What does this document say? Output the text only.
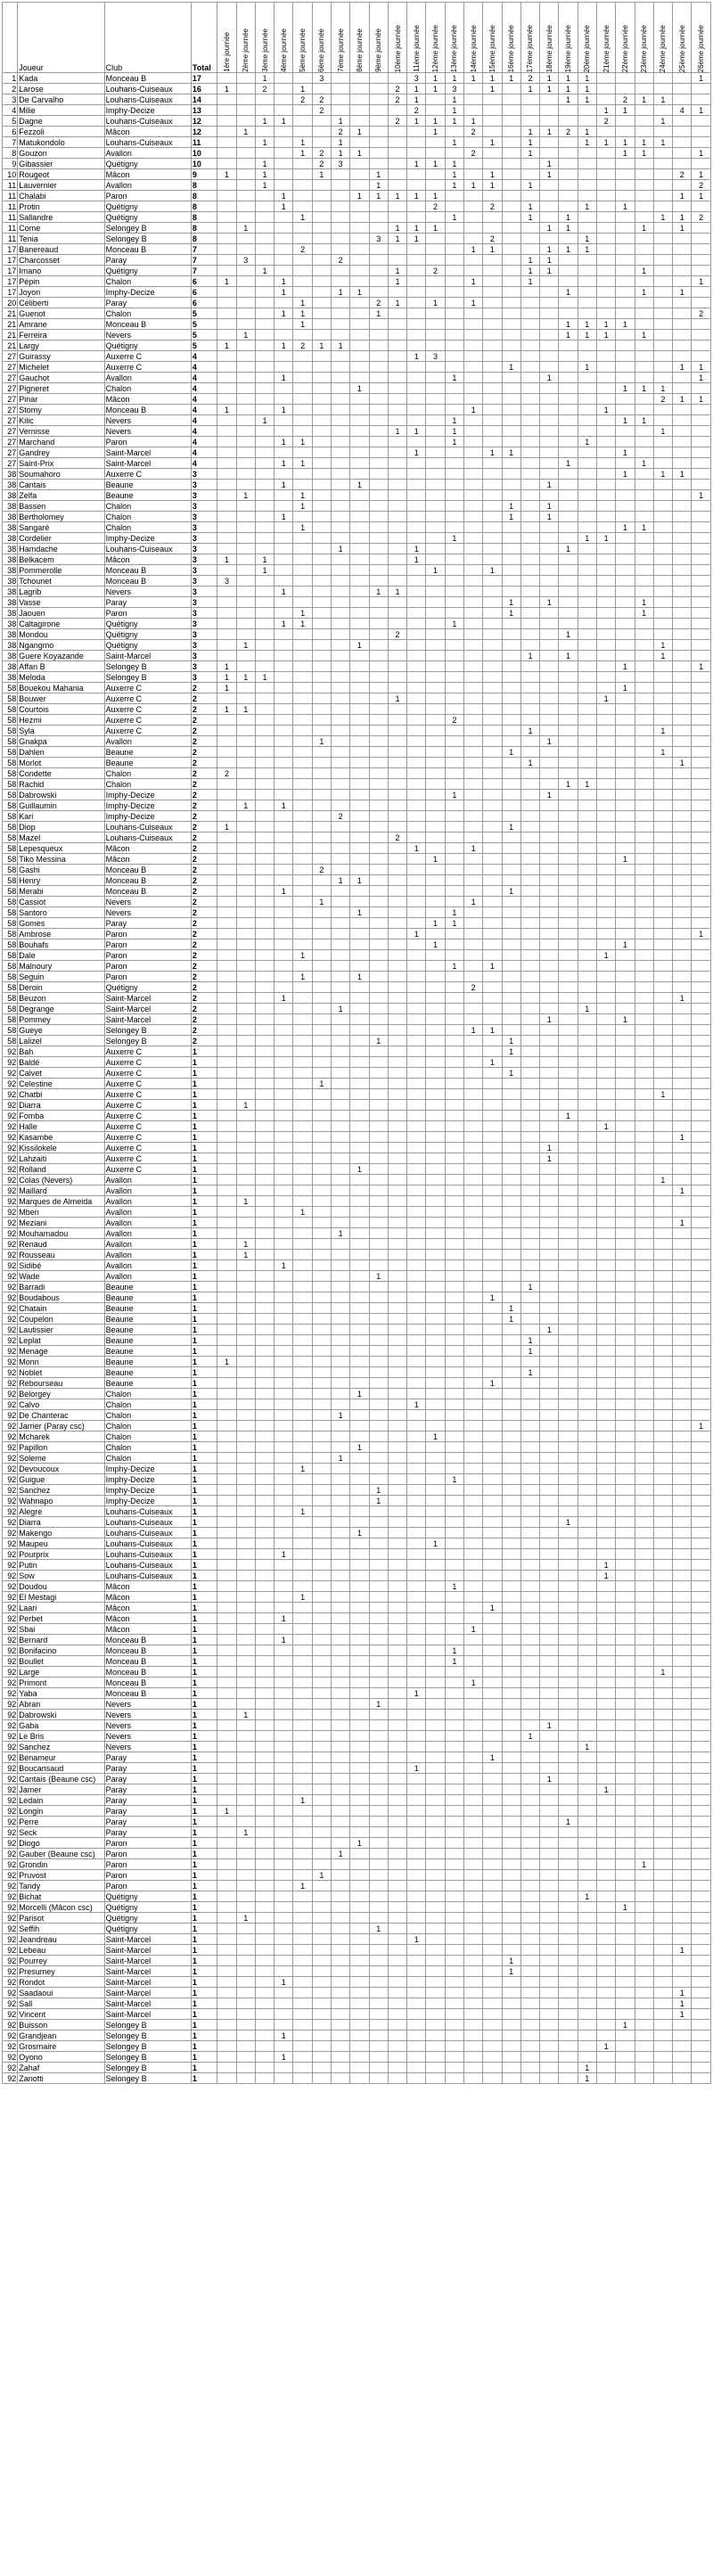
	Joueur	Club	Total	1ère journée	2ème journée	3ème journée	4ème journée	5ème journée	6ème journée	7ème journée	8ème journée	9ème journée	10ème journée	11ème journée	12ème journée	13ème journée	14ème journée	15ème journée	16ème journée	17ème journée	18ème journée	19ème journée	20ème journée	21ème journée	22ème journée	23ème journée	24ème journée	25ème journée	26ème journée

1	Kada	Monceau B	17			1			3					3	1	1	1	1	1	2	1	1	1						1
2	Larose	Louhans-Cuiseaux	16	1		2		1					2	1	1	3		1		1	1	1	1						
3	De Carvalho	Louhans-Cuiseaux	14					2	2				2	1		1						1	1		2	1	1		
4	Milie	Imphy-Decize	13						2					2		1								1	1			4	1
5	Dagne	Louhans-Cuiseaux	12			1	1			1			2	1	1	1	1							2			1		
6	Fezzoli	Mâcon	12		1					2	1				1		2			1	1	2	1						
7	Matukondolo	Louhans-Cuiseaux	11			1		1		1						1		1		1			1	1	1	1	1		
8	Gouzon	Avallon	10					1	2	1	1						2			1					1	1			1
9	Gibassier	Quétigny	10			1			2	3				1	1	1					1								
10	Rougeot	Mâcon	9	1		1			1			1				1		1			1							2	1
11	Lauvernier	Avallon	8			1						1				1	1	1		1									2
11	Chalabi	Paron	8				1				1	1	1	1	1													1	1
11	Protin	Quétigny	8				1								2			2		1			1		1				
11	Sallandre	Quétigny	8					1								1				1		1					1	1	2
11	Come	Selongey B	8		1								1	1	1						1	1				1		1	
11	Tenia	Selongey B	8									3	1	1				2					1						
17	Banereaud	Monceau B	7					2									1	1			1	1	1						
17	Charcosset	Paray	7		3					2										1	1								
17	Imano	Quétigny	7			1							1		2					1	1					1			
17	Pépin	Chalon	6	1			1						1				1			1									1
17	Joyon	Imphy-Decize	6				1			1	1											1				1		1	
20	Céliberti	Paray	6					1				2	1		1		1												
21	Guenot	Chalon	5				1	1				1																	2
21	Amrane	Monceau B	5					1														1	1	1	1				
21	Ferreira	Nevers	5		1																	1	1	1		1			
21	Largy	Quétigny	5	1			1	2	1	1																			
27	Guirassy	Auxerre C	4											1	3														
27	Michelet	Auxerre C	4																1				1					1	1
27	Gauchot	Avallon	4				1									1					1								1
27	Pigneret	Chalon	4								1														1	1	1		
27	Pinar	Mâcon	4																								2	1	1
27	Stomy	Monceau B	4	1			1										1							1					
27	Kilic	Nevers	4			1										1									1	1			
27	Vernisse	Nevers	4										1	1		1											1		
27	Marchand	Paron	4				1	1								1							1						
27	Gandrey	Saint-Marcel	4											1				1	1						1				
27	Saint-Prix	Saint-Marcel	4				1	1														1				1			
38	Soumahoro	Auxerre C	3																						1		1	1	
38	Cantais	Beaune	3				1				1										1								
38	Zelfa	Beaune	3		1			1																					1
38	Bassen	Chalon	3					1											1		1								
38	Bertholomey	Chalon	3				1												1		1								
38	Sangaré	Chalon	3					1																	1	1			
38	Cordelier	Imphy-Decize	3													1							1	1					
38	Hamdache	Louhans-Cuiseaux	3							1				1								1							
38	Belkacem	Mâcon	3	1		1								1															
38	Pommerolle	Monceau B	3			1									1			1											
38	Tchounet	Monceau B	3	3																									
38	Lagrib	Nevers	3				1					1	1																
38	Vasse	Paray	3																1		1					1			
38	Jaouen	Paron	3					1											1							1			
38	Caltagirone	Quétigny	3				1	1								1													
38	Mondou	Quétigny	3										2									1							
38	Ngangmo	Quétigny	3		1						1																1		
38	Guere Koyazande	Saint-Marcel	3																	1		1					1		
38	Affan B	Selongey B	3	1																					1				1
38	Meloda	Selongey B	3	1	1	1																							
58	Bouekou Mahania	Auxerre C	2	1																					1				
58	Bouwer	Auxerre C	2										1											1					
58	Courtois	Auxerre C	2	1	1																								
58	Hezmi	Auxerre C	2													2													
58	Syla	Auxerre C	2																	1							1		
58	Gnakpa	Avallon	2						1												1								
58	Dahlen	Beaune	2																1								1		
58	Morlot	Beaune	2																	1								1	
58	Condette	Chalon	2	2																									
58	Rachid	Chalon	2																			1	1						
58	Dabrowski	Imphy-Decize	2													1					1								
58	Guillaumin	Imphy-Decize	2		1		1																						
58	Kari	Imphy-Decize	2							2																			
58	Diop	Louhans-Cuiseaux	2	1															1										
58	Mazel	Louhans-Cuiseaux	2										2																
58	Lepesqueux	Mâcon	2											1			1												
58	Tiko Messina	Mâcon	2												1										1				
58	Gashi	Monceau B	2						2																				
58	Henry	Monceau B	2							1	1																		
58	Merabi	Monceau B	2				1												1										
58	Cassiot	Nevers	2						1								1												
58	Santoro	Nevers	2								1					1													
58	Gomes	Paray	2												1	1													
58	Ambrose	Paron	2											1															1
58	Bouhafs	Paron	2												1										1				
58	Dale	Paron	2					1																1					
58	Malnoury	Paron	2													1		1											
58	Seguin	Paron	2					1			1																		
58	Deroin	Quétigny	2														2												
58	Beuzon	Saint-Marcel	2				1																					1	
58	Degrange	Saint-Marcel	2							1													1						
58	Pommey	Saint-Marcel	2																		1				1				
58	Gueye	Selongey B	2														1	1											
58	Lalizel	Selongey B	2									1							1										
92	Bah	Auxerre C	1																1										
92	Baldé	Auxerre C	1															1											
92	Calvet	Auxerre C	1																1										
92	Celestine	Auxerre C	1						1																				
92	Chatbi	Auxerre C	1																								1		
92	Diarra	Auxerre C	1		1																								
92	Fomba	Auxerre C	1																			1							
92	Halle	Auxerre C	1																					1					
92	Kasambe	Auxerre C	1																									1	
92	Kissilokele	Auxerre C	1																		1								
92	Lahzaiti	Auxerre C	1																		1								
92	Rolland	Auxerre C	1								1																		
92	Colas (Nevers)	Avallon	1																								1		
92	Maillard	Avallon	1																									1	
92	Marques de Almeida	Avallon	1		1																								
92	Mben	Avallon	1					1																					
92	Meziani	Avallon	1																									1	
92	Mouhamadou	Avallon	1							1																			
92	Renaud	Avallon	1		1																								
92	Rousseau	Avallon	1		1																								
92	Sidibé	Avallon	1				1																						
92	Wade	Avallon	1									1																	
92	Barradi	Beaune	1																	1									
92	Boudabous	Beaune	1															1											
92	Chatain	Beaune	1																1										
92	Coupelon	Beaune	1																1										
92	Lautissier	Beaune	1																		1								
92	Leplat	Beaune	1																	1									
92	Menage	Beaune	1																	1									
92	Monn	Beaune	1	1																									
92	Noblet	Beaune	1																	1									
92	Rebourseau	Beaune	1															1											
92	Belorgey	Chalon	1								1																		
92	Calvo	Chalon	1											1															
92	De Chanterac	Chalon	1							1																			
92	Jarrier (Paray csc)	Chalon	1																										1
92	Mcharek	Chalon	1												1														
92	Papillon	Chalon	1								1																		
92	Soleme	Chalon	1							1																			
92	Devoucoux	Imphy-Decize	1					1																					
92	Guigue	Imphy-Decize	1													1													
92	Sanchez	Imphy-Decize	1									1																	
92	Wahnapo	Imphy-Decize	1									1																	
92	Alegre	Louhans-Cuiseaux	1					1																					
92	Diarra	Louhans-Cuiseaux	1																			1							
92	Makengo	Louhans-Cuiseaux	1								1																		
92	Maupeu	Louhans-Cuiseaux	1												1														
92	Pourprix	Louhans-Cuiseaux	1				1																						
92	Putin	Louhans-Cuiseaux	1																					1					
92	Sow	Louhans-Cuiseaux	1																					1					
92	Doudou	Mâcon	1													1													
92	El Mestagi	Mâcon	1					1																					
92	Laari	Mâcon	1															1											
92	Perbet	Mâcon	1				1																						
92	Sbai	Mâcon	1														1												
92	Bernard	Monceau B	1				1																						
92	Bonifacino	Monceau B	1													1													
92	Boullet	Monceau B	1													1													
92	Large	Monceau B	1																								1		
92	Primont	Monceau B	1														1												
92	Yaba	Monceau B	1											1															
92	Abran	Nevers	1									1																	
92	Dabrowski	Nevers	1		1																								
92	Gaba	Nevers	1																		1								
92	Le Bris	Nevers	1																	1									
92	Sanchez	Nevers	1																				1						
92	Benameur	Paray	1															1											
92	Boucansaud	Paray	1											1															
92	Cantais (Beaune csc)	Paray	1																		1								
92	Jamer	Paray	1																					1					
92	Ledain	Paray	1					1																					
92	Longin	Paray	1	1																									
92	Perre	Paray	1																			1							
92	Seck	Paray	1		1																								
92	Diogo	Paron	1								1																		
92	Gauber (Beaune csc)	Paron	1							1																			
92	Grondin	Paron	1																							1			
92	Pruvost	Paron	1						1																				
92	Tandy	Paron	1					1																					
92	Bichat	Quétigny	1																				1						
92	Morcelli (Mâcon csc)	Quétigny	1																						1				
92	Parisot	Quétigny	1		1																								
92	Seffih	Quétigny	1									1																	
92	Jeandreau	Saint-Marcel	1											1															
92	Lebeau	Saint-Marcel	1																									1	
92	Pourrey	Saint-Marcel	1																1										
92	Presumey	Saint-Marcel	1																1										
92	Rondot	Saint-Marcel	1				1																						
92	Saadaoui	Saint-Marcel	1																									1	
92	Sall	Saint-Marcel	1																									1	
92	Vincent	Saint-Marcel	1																									1	
92	Buisson	Selongey B	1																						1				
92	Grandjean	Selongey B	1				1																						
92	Grosmaire	Selongey B	1																					1					
92	Oyono	Selongey B	1				1																						
92	Zahaf	Selongey B	1																				1						
92	Zanotti	Selongey B	1																				1						
